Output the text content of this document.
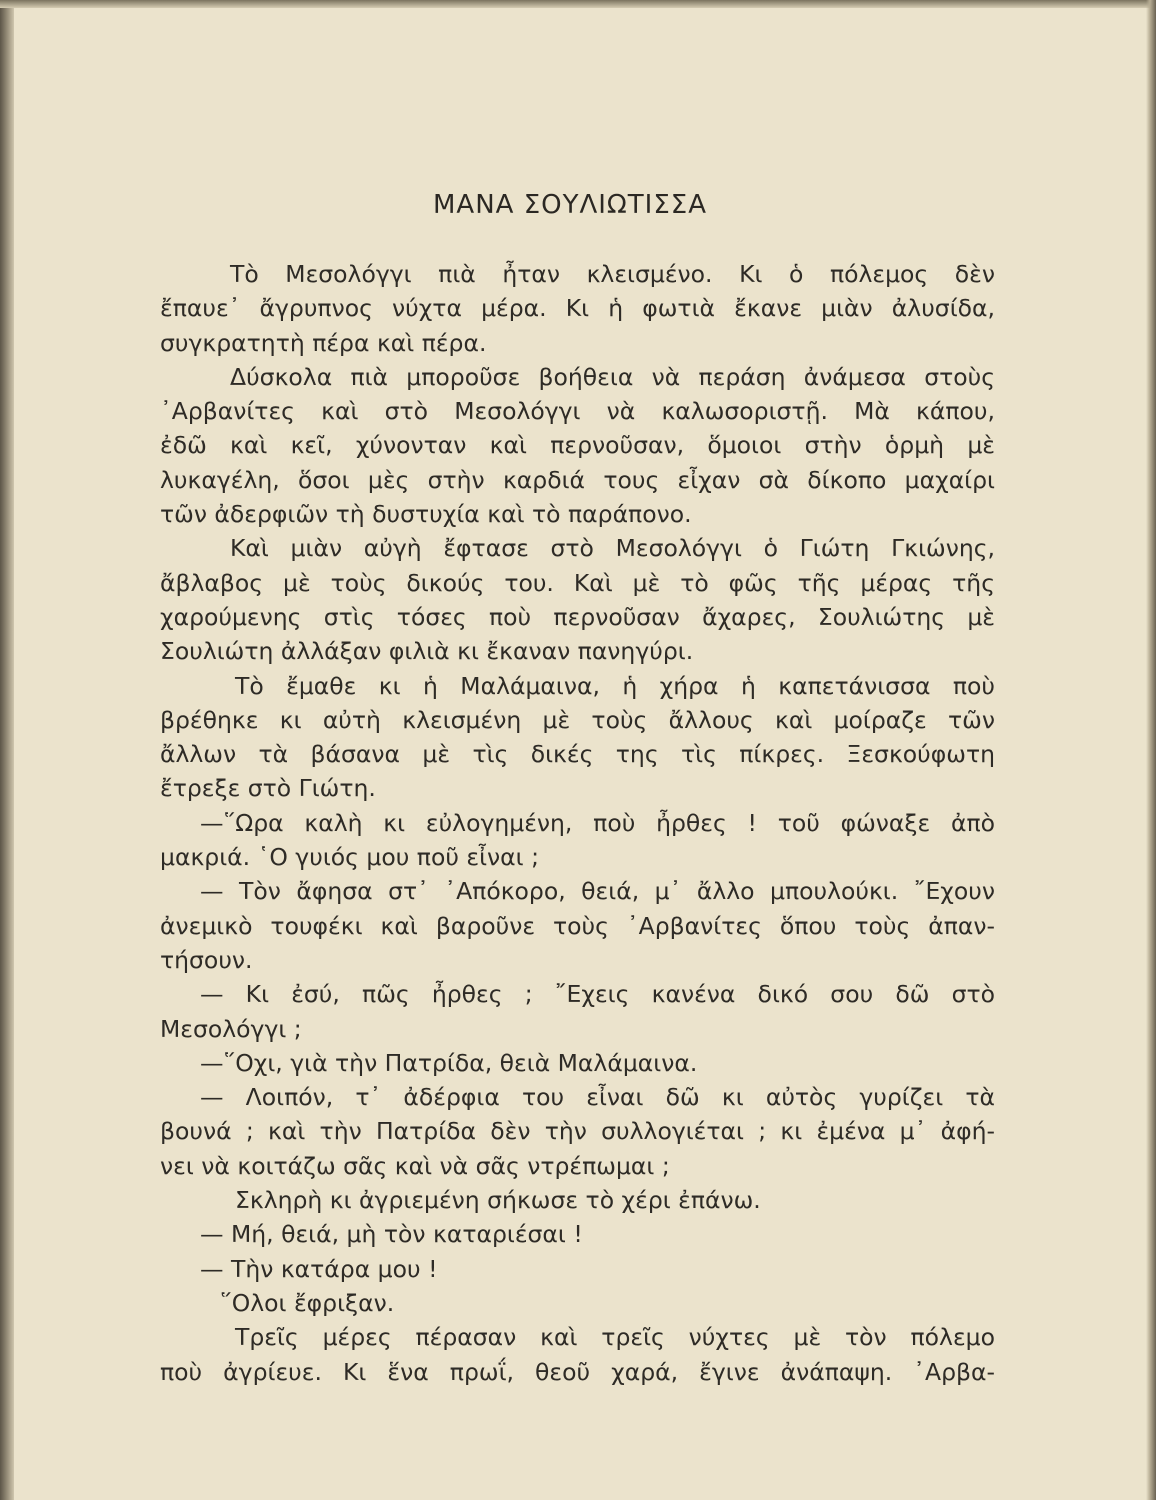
ΜΑΝΑ ΣΟΥΛΙΩΤΙΣΣΑ
Τὸ Μεσολόγγι πιὰ ἦταν κλεισμένο. Κι ὁ πόλεμος δὲν
ἔπαυε᾽ ἄγρυπνος νύχτα μέρα. Κι ἡ φωτιὰ ἔκανε μιὰν ἀλυσίδα,
συγκρατητὴ πέρα καὶ πέρα.
Δύσκολα πιὰ μποροῦσε βοήθεια νὰ περάση ἀνάμεσα στοὺς
᾽Αρβανίτες καὶ στὸ Μεσολόγγι νὰ καλωσοριστῇ. Μὰ κάπου,
ἐδῶ καὶ κεῖ, χύνονταν καὶ περνοῦσαν, ὅμοιοι στὴν ὁρμὴ μὲ
λυκαγέλη, ὅσοι μὲς στὴν καρδιά τους εἶχαν σὰ δίκοπο μαχαίρι
τῶν ἀδερφιῶν τὴ δυστυχία καὶ τὸ παράπονο.
Καὶ μιὰν αὐγὴ ἔφτασε στὸ Μεσολόγγι ὁ Γιώτη Γκιώνης,
ἄβλαβος μὲ τοὺς δικούς του. Καὶ μὲ τὸ φῶς τῆς μέρας τῆς
χαρούμενης στὶς τόσες ποὺ περνοῦσαν ἄχαρες, Σουλιώτης μὲ
Σουλιώτη ἀλλάξαν φιλιὰ κι ἔκαναν πανηγύρι.
Τὸ ἔμαθε κι ἡ Μαλάμαινα, ἡ χήρα ἡ καπετάνισσα ποὺ
βρέθηκε κι αὐτὴ κλεισμένη μὲ τοὺς ἄλλους καὶ μοίραζε τῶν
ἄλλων τὰ βάσανα μὲ τὶς δικές της τὶς πίκρες. Ξεσκούφωτη
ἔτρεξε στὸ Γιώτη.
—῞Ωρα καλὴ κι εὐλογημένη, ποὺ ἦρθες ! τοῦ φώναξε ἀπὸ
μακριά. ῾Ο γυιός μου ποῦ εἶναι ;
— Τὸν ἄφησα στ᾽ ᾽Απόκορο, θειά, μ᾽ ἄλλο μπουλούκι. ῎Εχουν
ἀνεμικὸ τουφέκι καὶ βαροῦνε τοὺς ᾽Αρβανίτες ὅπου τοὺς ἀπαν-
τήσουν.
— Κι ἐσύ, πῶς ἦρθες ; ῎Εχεις κανένα δικό σου δῶ στὸ
Μεσολόγγι ;
—῞Οχι, γιὰ τὴν Πατρίδα, θειὰ Μαλάμαινα.
— Λοιπόν, τ᾽ ἀδέρφια του εἶναι δῶ κι αὐτὸς γυρίζει τὰ
βουνά ; καὶ τὴν Πατρίδα δὲν τὴν συλλογιέται ; κι ἐμένα μ᾽ ἀφή-
νει νὰ κοιτάζω σᾶς καὶ νὰ σᾶς ντρέπωμαι ;
Σκληρὴ κι ἀγριεμένη σήκωσε τὸ χέρι ἐπάνω.
— Μή, θειά, μὴ τὸν καταριέσαι !
— Τὴν κατάρα μου !
῞Ολοι ἔφριξαν.
Τρεῖς μέρες πέρασαν καὶ τρεῖς νύχτες μὲ τὸν πόλεμο
ποὺ ἀγρίευε. Κι ἕνα πρωΐ, θεοῦ χαρά, ἔγινε ἀνάπαψη. ᾽Αρβα-
